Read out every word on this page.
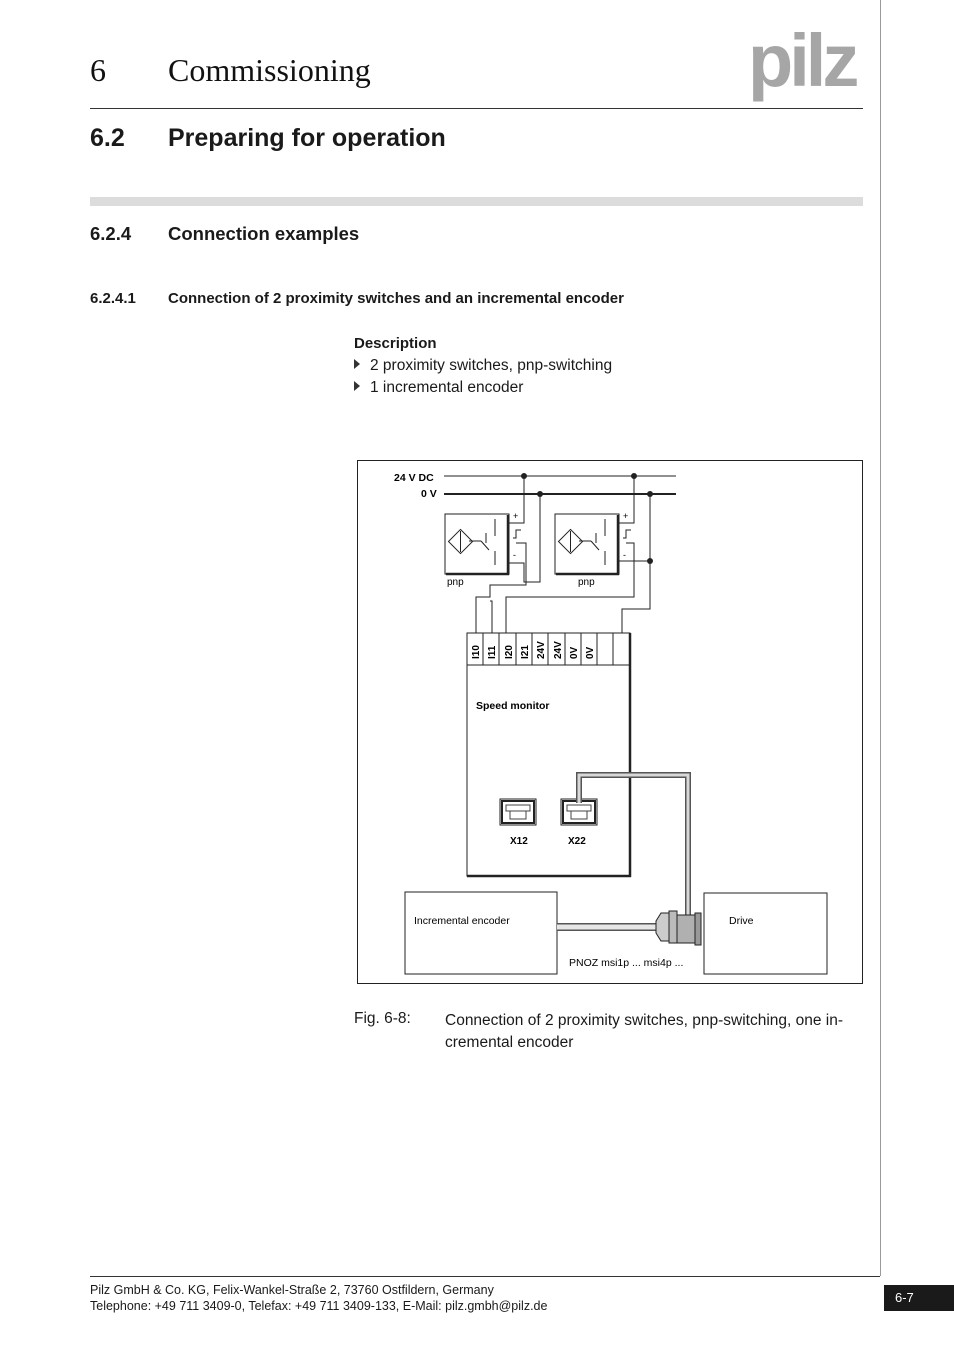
6 Commissioning	pilz
6.2 Preparing for operation
6.2.4 Connection examples
6.2.4.1 Connection of 2 proximity switches and an incremental encoder
Description
2 proximity switches, pnp-switching
1 incremental encoder
24 V DC
0 V
+
-
pnp
+
-
pnp
I10 I11 I20 I21 24V 24V 0V 0V
Speed monitor
X12	X22
Incremental encoder	Drive
PNOZ msi1p ... msi4p ...
Fig. 6-8: Connection of 2 proximity switches, pnp-switching, one in-cremental encoder
Pilz GmbH & Co. KG, Felix-Wankel-Straße 2, 73760 Ostfildern, Germany
Telephone: +49 711 3409-0, Telefax: +49 711 3409-133, E-Mail: pilz.gmbh@pilz.de
6-7
